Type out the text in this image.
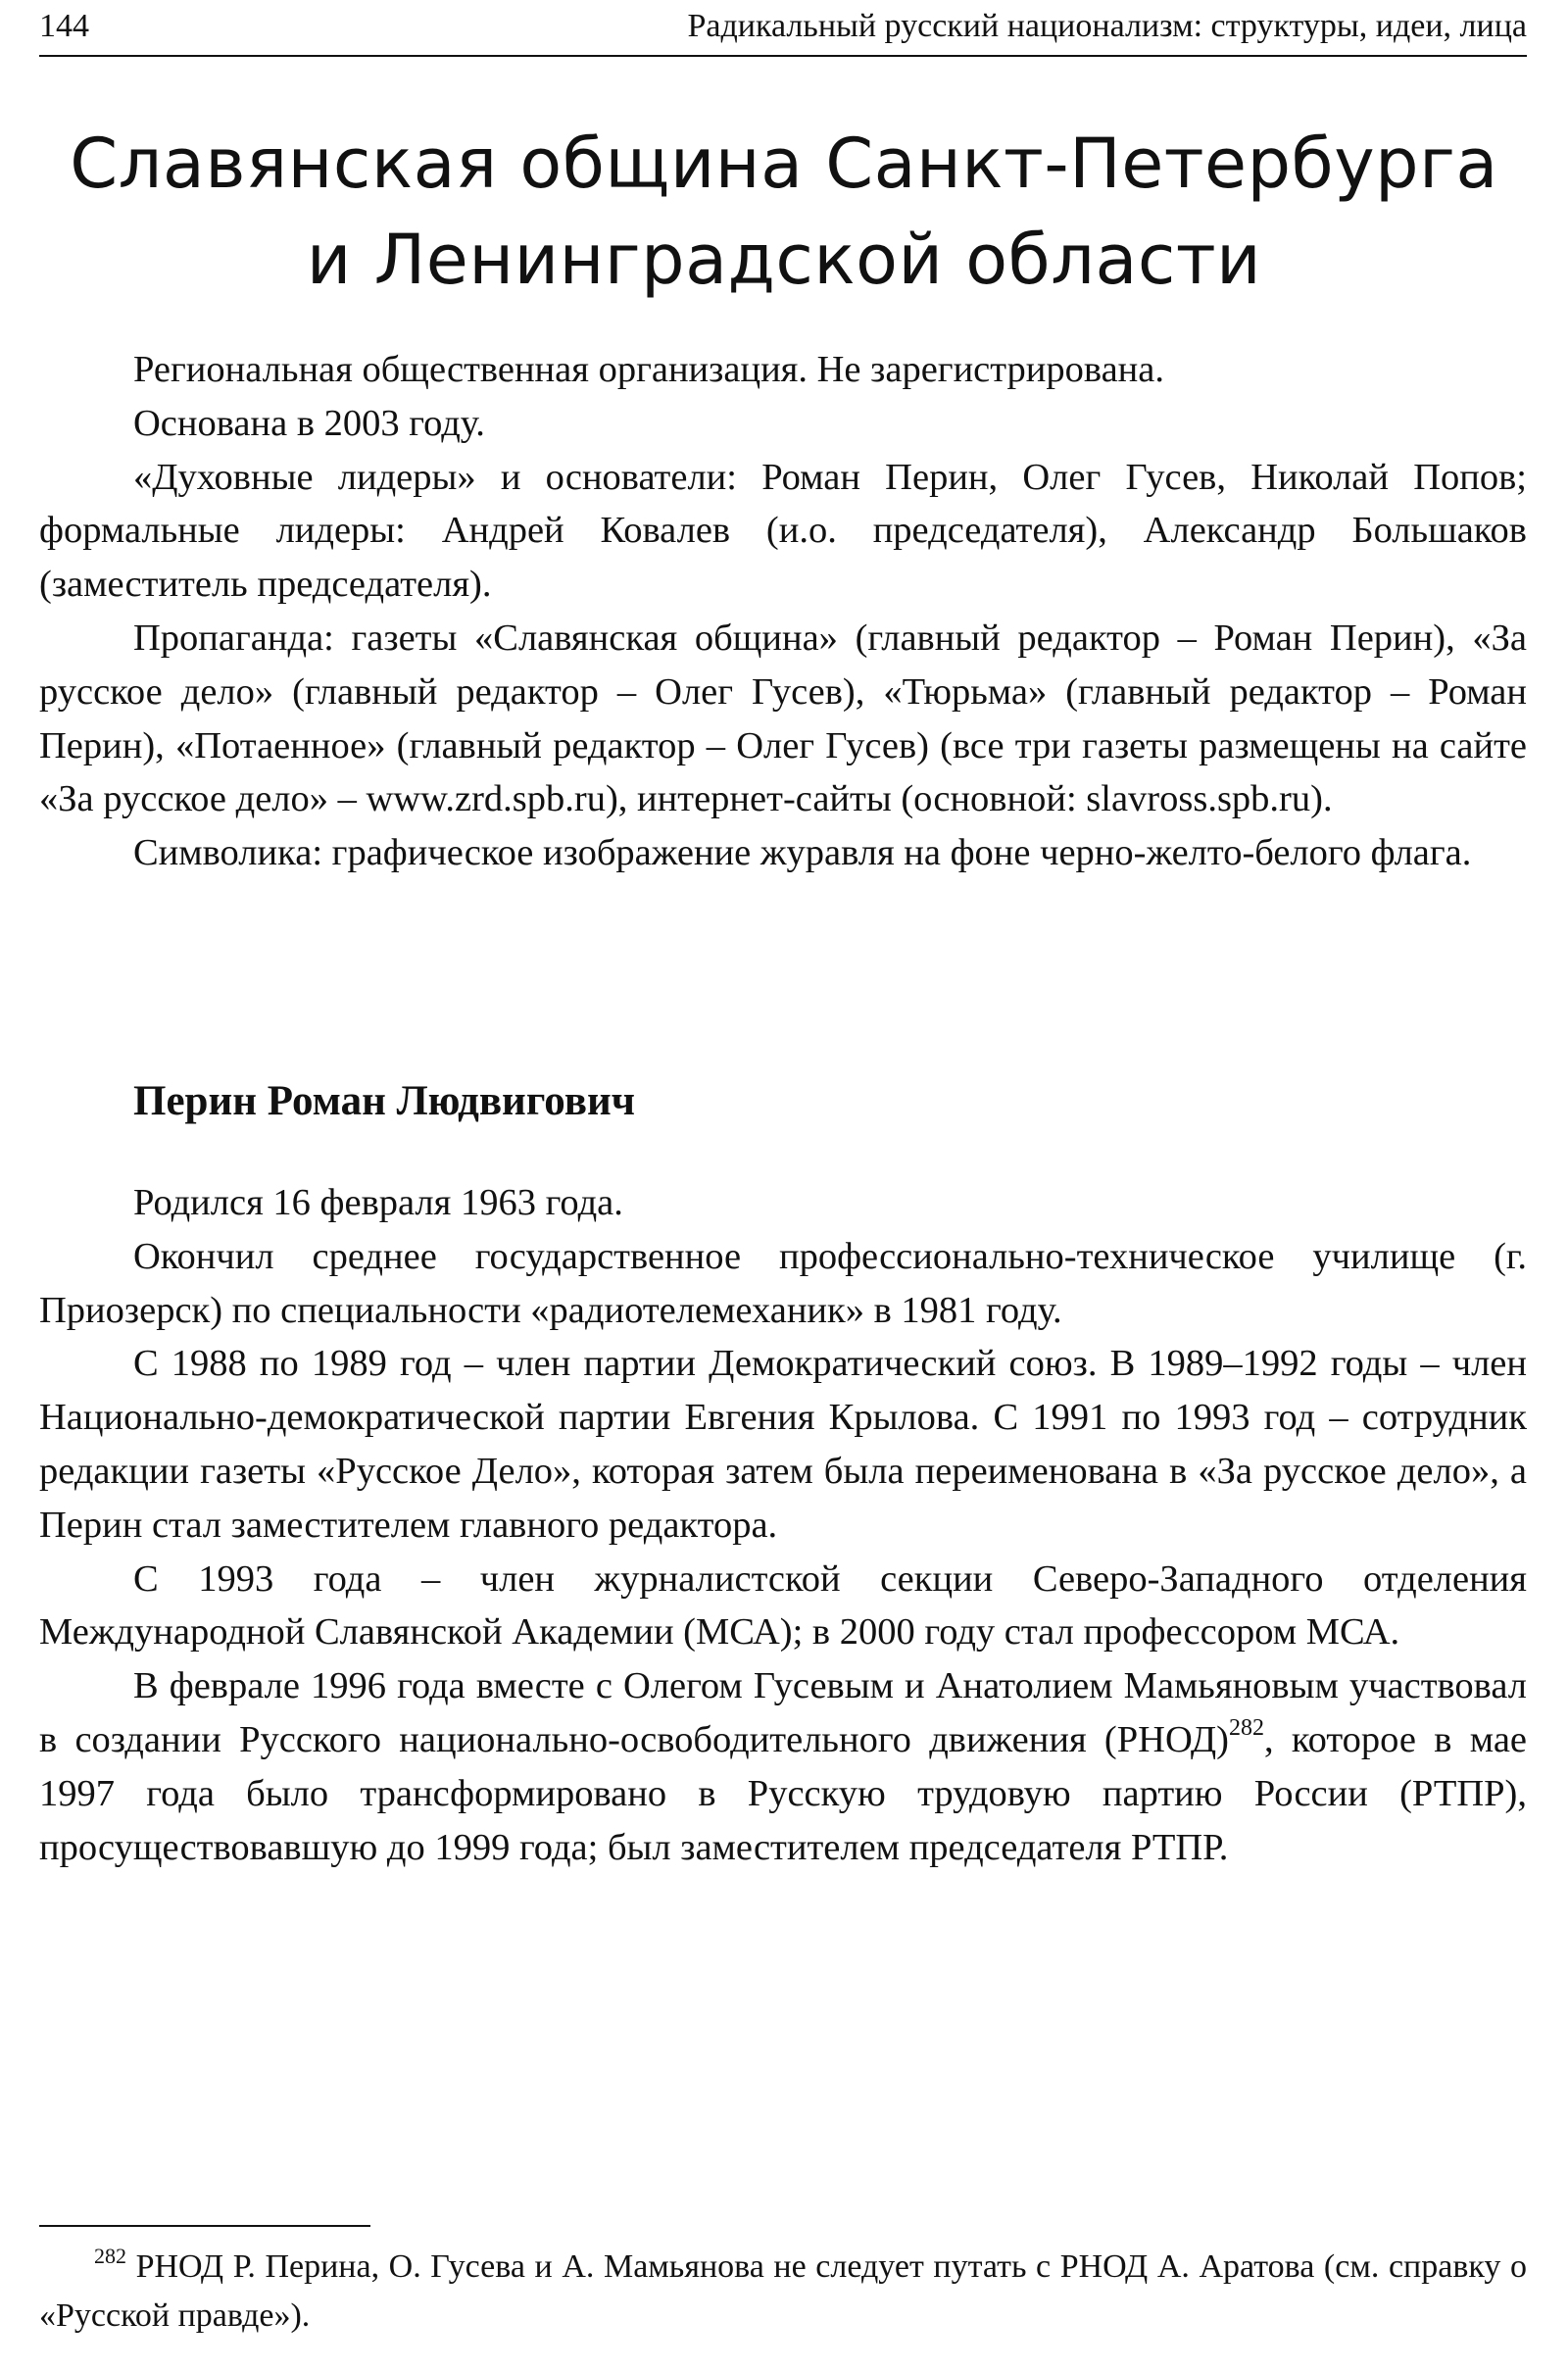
144	Радикальный русский национализм: структуры, идеи, лица
Славянская община Санкт-Петербурга
и Ленинградской области

Региональная общественная организация. Не зарегистрирована.

Основана в 2003 году.

«Духовные лидеры» и основатели: Роман Перин, Олег Гусев, Николай Попов; формальные лидеры: Андрей Ковалев (и.о. председателя), Александр Большаков (заместитель председателя).

Пропаганда: газеты «Славянская община» (главный редактор – Роман Перин), «За русское дело» (главный редактор – Олег Гусев), «Тюрьма» (главный редактор – Роман Перин), «Потаенное» (главный редактор – Олег Гусев) (все три газеты размещены на сайте «За русское дело» – www.zrd.spb.ru), интернет-сайты (основной: slavross.spb.ru).

Символика: графическое изображение журавля на фоне черно-желто-белого флага.

Перин Роман Людвигович

Родился 16 февраля 1963 года.

Окончил среднее государственное профессионально-техническое училище (г. Приозерск) по специальности «радиотелемеханик» в 1981 году.

С 1988 по 1989 год – член партии Демократический союз. В 1989–1992 годы – член Национально-демократической партии Евгения Крылова. С 1991 по 1993 год – сотрудник редакции газеты «Русское Дело», которая затем была переименована в «За русское дело», а Перин стал заместителем главного редактора.

С 1993 года – член журналистской секции Северо-Западного отделения Международной Славянской Академии (МСА); в 2000 году стал профессором МСА.

В феврале 1996 года вместе с Олегом Гусевым и Анатолием Мамьяновым участвовал в создании Русского национально-освободительного движения (РНОД)$^{282}$, которое в мае 1997 года было трансформировано в Русскую трудовую партию России (РТПР), просуществовавшую до 1999 года; был заместителем председателя РТПР.

$^{282}$ РНОД Р. Перина, О. Гусева и А. Мамьянова не следует путать с РНОД А. Аратова (см. справку о «Русской правде»).
